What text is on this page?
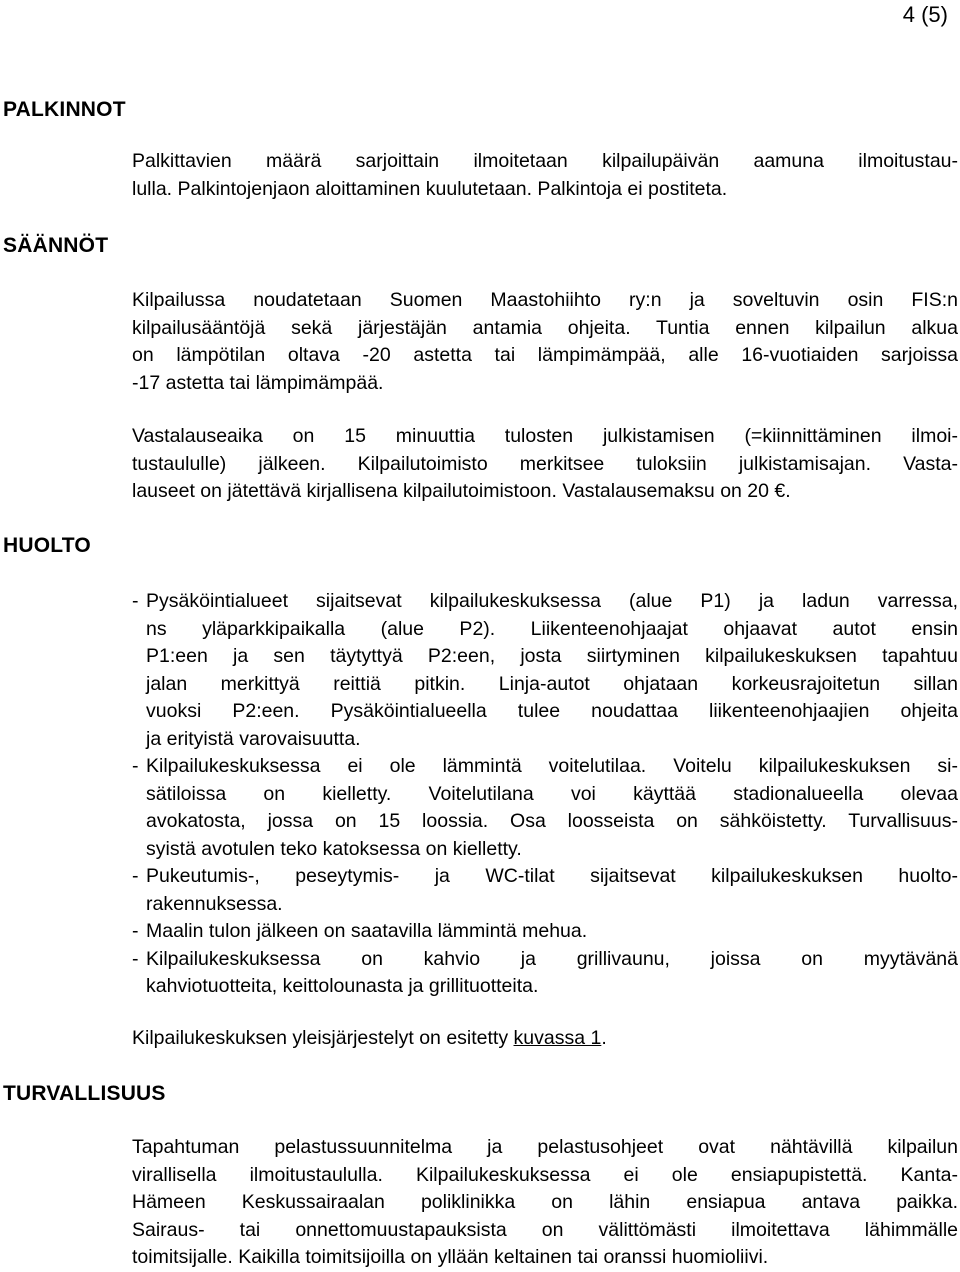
4 (5)
PALKINNOT
Palkittavien määrä sarjoittain ilmoitetaan kilpailupäivän aamuna ilmoitustau-
lulla. Palkintojenjaon aloittaminen kuulutetaan. Palkintoja ei postiteta.
SÄÄNNÖT
Kilpailussa noudatetaan Suomen Maastohiihto ry:n ja soveltuvin osin FIS:n
kilpailusääntöjä sekä järjestäjän antamia ohjeita. Tuntia ennen kilpailun alkua
on lämpötilan oltava -20 astetta tai lämpimämpää, alle 16-vuotiaiden sarjoissa
-17 astetta tai lämpimämpää.
Vastalauseaika on 15 minuuttia tulosten julkistamisen (=kiinnittäminen ilmoi-
tustaululle) jälkeen. Kilpailutoimisto merkitsee tuloksiin julkistamisajan. Vasta-
lauseet on jätettävä kirjallisena kilpailutoimistoon. Vastalausemaksu on 20 €.
HUOLTO
- Pysäköintialueet sijaitsevat kilpailukeskuksessa (alue P1) ja ladun varressa,
ns yläparkkipaikalla (alue P2). Liikenteenohjaajat ohjaavat autot ensin
P1:een ja sen täytyttyä P2:een, josta siirtyminen kilpailukeskuksen tapahtuu
jalan merkittyä reittiä pitkin. Linja-autot ohjataan korkeusrajoitetun sillan
vuoksi P2:een. Pysäköintialueella tulee noudattaa liikenteenohjaajien ohjeita
ja erityistä varovaisuutta.
- Kilpailukeskuksessa ei ole lämmintä voitelutilaa. Voitelu kilpailukeskuksen si-
sätiloissa on kielletty. Voitelutilana voi käyttää stadionalueella olevaa
avokatosta, jossa on 15 loossia. Osa loosseista on sähköistetty. Turvallisuus-
syistä avotulen teko katoksessa on kielletty.
- Pukeutumis-, peseytymis- ja WC-tilat sijaitsevat kilpailukeskuksen huolto-
rakennuksessa.
- Maalin tulon jälkeen on saatavilla lämmintä mehua.
- Kilpailukeskuksessa on kahvio ja grillivaunu, joissa on myytävänä
kahviotuotteita, keittolounasta ja grillituotteita.
Kilpailukeskuksen yleisjärjestelyt on esitetty kuvassa 1.
TURVALLISUUS
Tapahtuman pelastussuunnitelma ja pelastusohjeet ovat nähtävillä kilpailun
virallisella ilmoitustaululla. Kilpailukeskuksessa ei ole ensiapupistettä. Kanta-
Hämeen Keskussairaalan poliklinikka on lähin ensiapua antava paikka.
Sairaus- tai onnettomuustapauksista on välittömästi ilmoitettava lähimmälle
toimitsijalle. Kaikilla toimitsijoilla on yllään keltainen tai oranssi huomioliivi.
